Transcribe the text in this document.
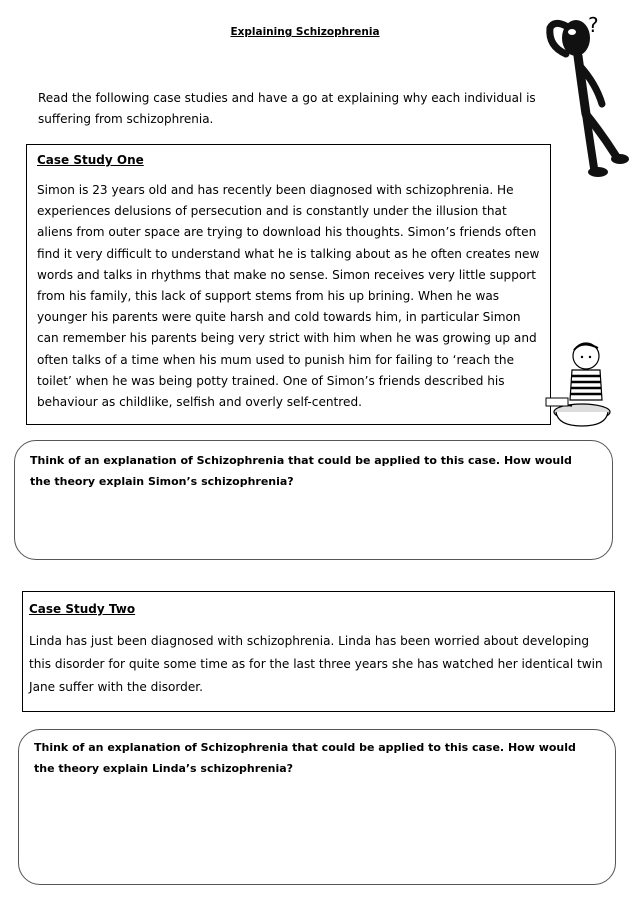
Explaining Schizophrenia	?
Read the following case studies and have a go at explaining why each individual is suffering from schizophrenia.
Case Study One
Simon is 23 years old and has recently been diagnosed with schizophrenia. He experiences delusions of persecution and is constantly under the illusion that aliens from outer space are trying to download his thoughts. Simon’s friends often find it very difficult to understand what he is talking about as he often creates new words and talks in rhythms that make no sense. Simon receives very little support from his family, this lack of support stems from his up brining. When he was younger his parents were quite harsh and cold towards him, in particular Simon can remember his parents being very strict with him when he was growing up and often talks of a time when his mum used to punish him for failing to ‘reach the toilet’ when he was being potty trained. One of Simon’s friends described his behaviour as childlike, selfish and overly self-centred.
Think of an explanation of Schizophrenia that could be applied to this case. How would the theory explain Simon’s schizophrenia?
Case Study Two
Linda has just been diagnosed with schizophrenia. Linda has been worried about developing this disorder for quite some time as for the last three years she has watched her identical twin Jane suffer with the disorder.
Think of an explanation of Schizophrenia that could be applied to this case. How would the theory explain Linda’s schizophrenia?
